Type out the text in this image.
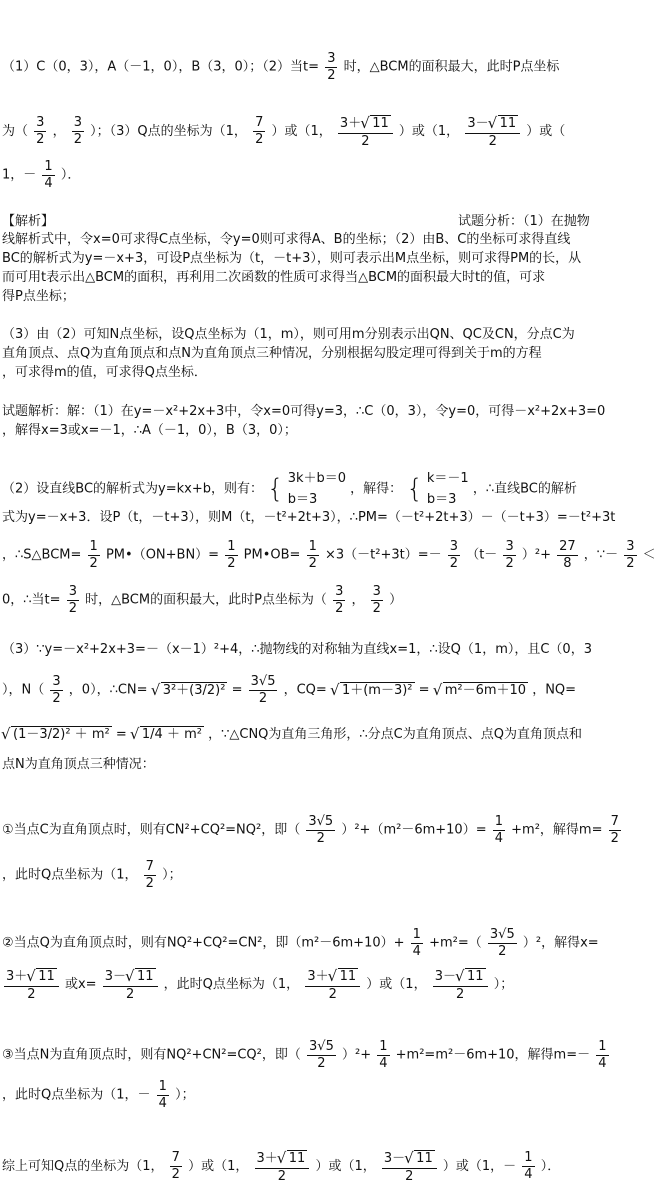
（1）C（0，3），A（－1，0），B（3，0）；（2）当$t= \frac{3}{2}$ 时，△BCM的面积最大，此时P点坐标
为（ $\frac{3}{2}$ ， $\frac{3}{2}$ ）；（3）Q点的坐标为（1， $\frac{7}{2}$ ）或（1， $\frac{3+ √ 11}{2}$ ）或（1， $\frac{3- √ 11}{2}$ ）或（
1，－ $\frac{1}{4}$ ）．
【解析】	试题分析：（1）在抛物
线解析式中，令x=0可求得C点坐标，令y=0则可求得A、B的坐标；（2）由B、C的坐标可求得直线
BC的解析式为y=－x+3，可设P点坐标为（t，－t+3），则可表示出M点坐标，则可求得PM的长，从
而可用t表示出△BCM的面积，再利用二次函数的性质可求得当△BCM的面积最大时t的值，可求
得P点坐标；
（3）由（2）可知N点坐标，设Q点坐标为（1，m），则可用m分别表示出QN、QC及CN，分点C为
直角顶点、点Q为直角顶点和点N为直角顶点三种情况，分别根据勾股定理可得到关于m的方程
，可求得m的值，可求得Q点坐标．
试题解析：解：（1）在y=－x²+2x+3中，令x=0可得y=3，∴C（0，3），令y=0，可得－x²+2x+3=0
，解得x=3或x=－1，∴A（－1，0），B（3，0）；
（2）设直线BC的解析式为y=kx+b，则有： { 3k＋b＝0
b＝3
，解得： { k＝－1
b＝3
，∴直线BC的解析
式为y=－x+3．设P（t，－t+3），则M（t，－t²+2t+3），∴PM=（－t²+2t+3）－（－t+3）=－t²+3t
，∴S△BCM= $\frac{1}{2}$ PM•（ON+BN）= $\frac{1}{2}$ PM•OB= $\frac{1}{2} \times 3(-t^2+3t)=- \frac{3}{2} (t- \frac{3}{2} )^2+ \frac{27}{8}$ ，∵－ $\frac{3}{2}$ ＜
0，∴当$t= \frac{3}{2}$ 时，△BCM的面积最大，此时P点坐标为（ $\frac{3}{2}$ ， $\frac{3}{2}$ ）
（3）∵y=－x²+2x+3=－（x－1）²+4，∴抛物线的对称轴为直线x=1，∴设Q（1，m），且C（0，3
），$N( \frac{3}{2}$ ，0），∴CN= √ $3^2+(3/2)^2 = \frac{3√5}{2}$ ，CQ= √ 1＋(m－3)² = √ m²－6m＋10 ，NQ=
√ (1－3/2)² ＋ m² = √ 1/4 ＋ m² ，∵△CNQ为直角三角形，∴分点C为直角顶点、点Q为直角顶点和
点N为直角顶点三种情况：
①当点C为直角顶点时，则有CN²+CQ²=NQ²，即（ $\frac{3√5}{2} )^2+(m^2-6m+10)= \frac{1}{4} +m^2$，解得$m= \frac{7}{2}$
，此时Q点坐标为（1， $\frac{7}{2}$ ）；
②当点Q为直角顶点时，则有NQ²+CQ²=CN²，即$(m^2-6m+10)+ \frac{1}{4} +m^2=( \frac{3√5}{2} )^2$，解得x=
$\frac{3+ √ 11}{2}$ 或$x= \frac{3- √ 11}{2}$ ，此时Q点坐标为（1， $\frac{3+ √ 11}{2}$ ）或（1， $\frac{3- √ 11}{2}$ ）；
③当点N为直角顶点时，则有NQ²+CN²=CQ²，即（ $\frac{3√5}{2} )^2+ \frac{1}{4} +m^2=m^2-6m+10$，解得$m=- \frac{1}{4}$
，此时Q点坐标为（1，－ $\frac{1}{4}$ ）；
综上可知Q点的坐标为（1， $\frac{7}{2}$ ）或（1， $\frac{3+ √ 11}{2}$ ）或（1， $\frac{3- √ 11}{2}$ ）或（1，－ $\frac{1}{4}$ ）．
